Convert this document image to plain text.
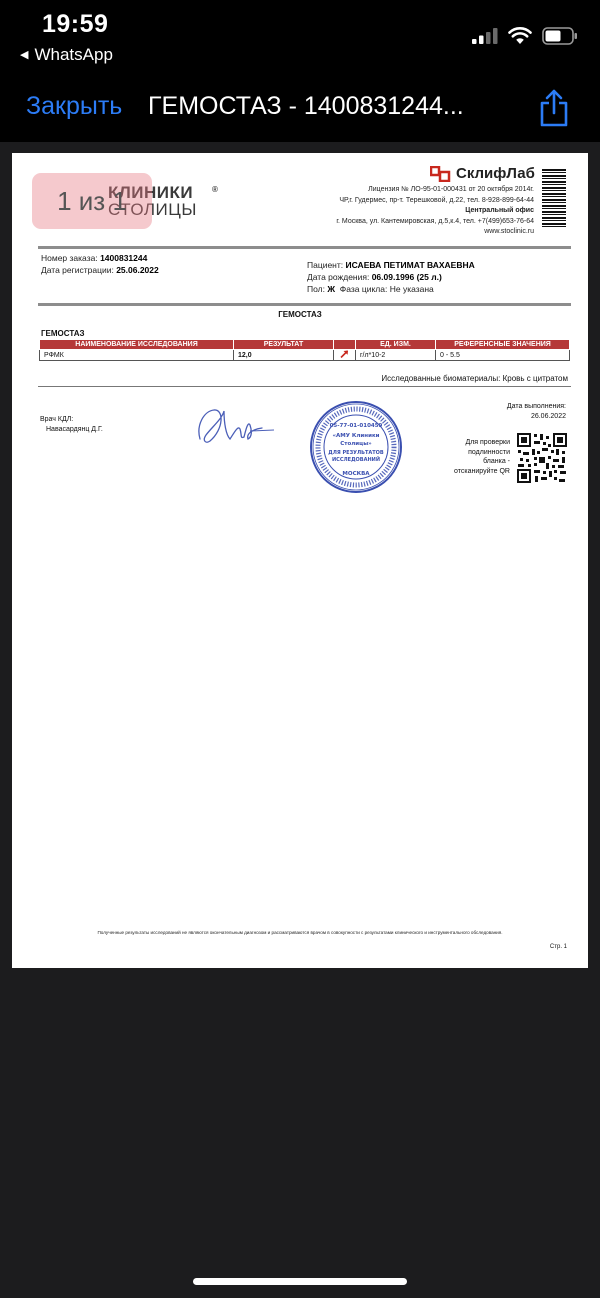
19:59
◀ WhatsApp
Закрыть ГЕМОСТАЗ - 1400831244...
1 из 1
КЛИНИКИ
СТОЛИЦЫ
®
СклифЛаб
Лицензия № ЛО-95-01-000431 от 20 октября 2014г.
ЧР,г. Гудермес, пр-т. Терешковой, д.22, тел. 8-928-899-64-44
Центральный офис
г. Москва, ул. Кантемировская, д.5,к.4, тел. +7(499)653-76-64
www.stoclinic.ru
Номер заказа: 1400831244
Дата регистрации: 25.06.2022	Пациент: ИСАЕВА ПЕТИМАТ ВАХАЕВНА
Дата рождения: 06.09.1996 (25 л.)
Пол: Ж Фаза цикла: Не указана
ГЕМОСТАЗ
ГЕМОСТАЗ
НАИМЕНОВАНИЕ ИССЛЕДОВАНИЯ	РЕЗУЛЬТАТ		ЕД. ИЗМ.	РЕФЕРЕНСНЫЕ ЗНАЧЕНИЯ
РФМК	12,0		г/л*10-2	0 - 5.5
Исследованные биоматериалы: Кровь с цитратом
Врач КДЛ:
Навасардянц Д.Г.	05-77-01-010459
«АМУ Клиники
Столицы»
ДЛЯ РЕЗУЛЬТАТОВ
ИССЛЕДОВАНИЙ
МОСКВА
Дата выполнения:
26.06.2022
Для проверки подлинности бланка - отсканируйте QR
Полученные результаты исследований не являются окончательным диагнозом и рассматриваются врачом в совокупности с результатами клинического и инструментального обследования.
Стр. 1
